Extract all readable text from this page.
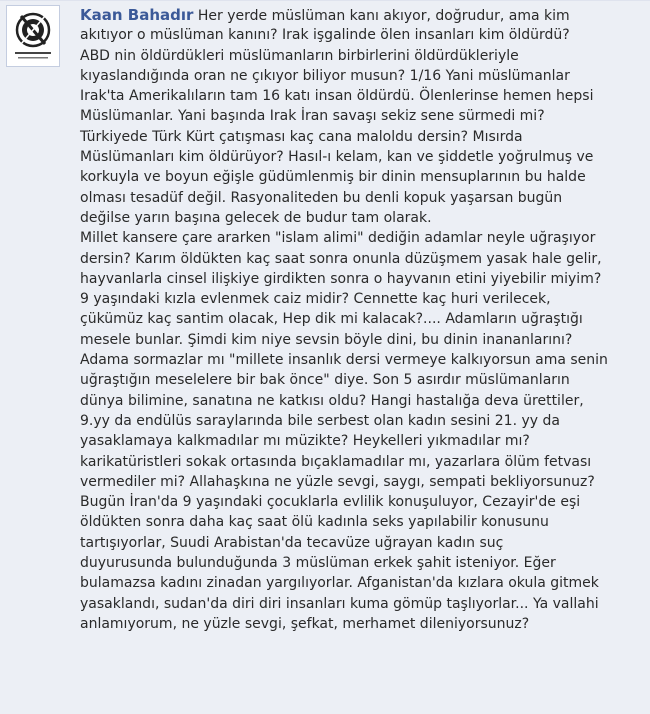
Kaan Bahadır Her yerde müslüman kanı akıyor, doğrudur, ama kim
akıtıyor o müslüman kanını? Irak işgalinde ölen insanları kim öldürdü?
ABD nin öldürdükleri müslümanların birbirlerini öldürdükleriyle
kıyaslandığında oran ne çıkıyor biliyor musun? 1/16 Yani müslümanlar
Irak'ta Amerikalıların tam 16 katı insan öldürdü. Ölenlerinse hemen hepsi
Müslümanlar. Yani başında Irak İran savaşı sekiz sene sürmedi mi?
Türkiyede Türk Kürt çatışması kaç cana maloldu dersin? Mısırda
Müslümanları kim öldürüyor? Hasıl-ı kelam, kan ve şiddetle yoğrulmuş ve
korkuyla ve boyun eğişle güdümlenmiş bir dinin mensuplarının bu halde
olması tesadüf değil. Rasyonaliteden bu denli kopuk yaşarsan bugün
değilse yarın başına gelecek de budur tam olarak.
Millet kansere çare ararken "islam alimi" dediğin adamlar neyle uğraşıyor
dersin? Karım öldükten kaç saat sonra onunla düzüşmem yasak hale gelir,
hayvanlarla cinsel ilişkiye girdikten sonra o hayvanın etini yiyebilir miyim?
9 yaşındaki kızla evlenmek caiz midir? Cennette kaç huri verilecek,
çükümüz kaç santim olacak, Hep dik mi kalacak?.... Adamların uğraştığı
mesele bunlar. Şimdi kim niye sevsin böyle dini, bu dinin inananlarını?
Adama sormazlar mı "millete insanlık dersi vermeye kalkıyorsun ama senin
uğraştığın meselelere bir bak önce" diye. Son 5 asırdır müslümanların
dünya bilimine, sanatına ne katkısı oldu? Hangi hastalığa deva ürettiler,
9.yy da endülüs saraylarında bile serbest olan kadın sesini 21. yy da
yasaklamaya kalkmadılar mı müzikte? Heykelleri yıkmadılar mı?
karikatüristleri sokak ortasında bıçaklamadılar mı, yazarlara ölüm fetvası
vermediler mi? Allahaşkına ne yüzle sevgi, saygı, sempati bekliyorsunuz?
Bugün İran'da 9 yaşındaki çocuklarla evlilik konuşuluyor, Cezayir'de eşi
öldükten sonra daha kaç saat ölü kadınla seks yapılabilir konusunu
tartışıyorlar, Suudi Arabistan'da tecavüze uğrayan kadın suç
duyurusunda bulunduğunda 3 müslüman erkek şahit isteniyor. Eğer
bulamazsa kadını zinadan yargılıyorlar. Afganistan'da kızlara okula gitmek
yasaklandı, sudan'da diri diri insanları kuma gömüp taşlıyorlar... Ya vallahi
anlamıyorum, ne yüzle sevgi, şefkat, merhamet dileniyorsunuz?
